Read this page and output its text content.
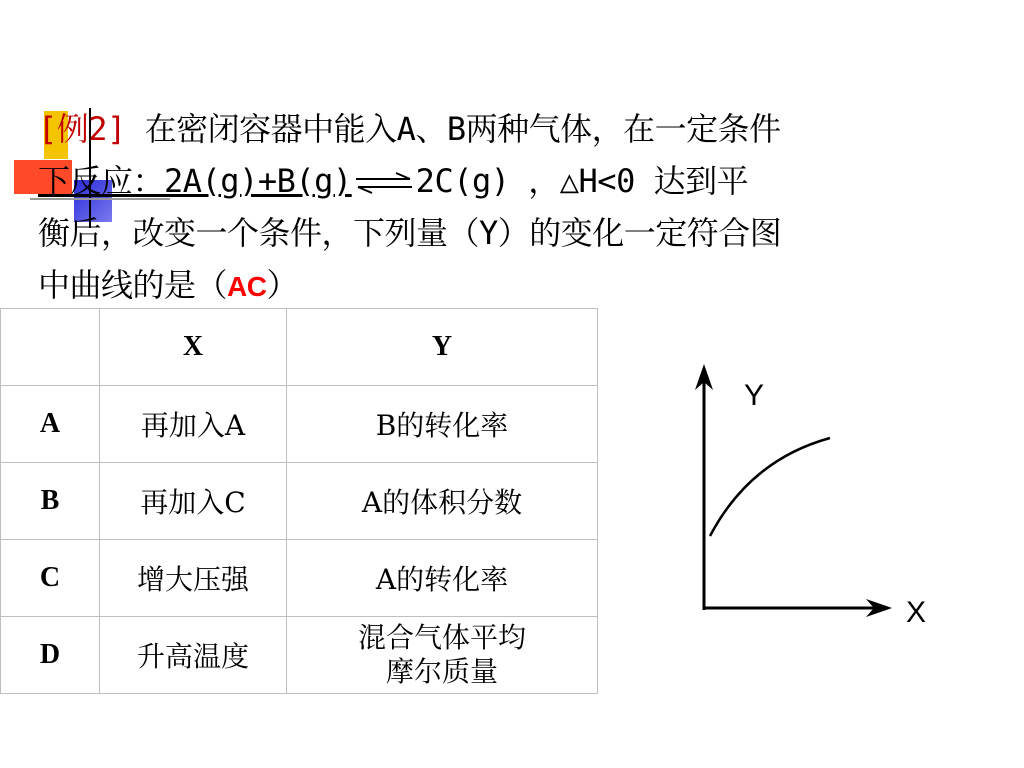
[例2] 在密闭容器中能入A、B两种气体，在一定条件
下反应：2A(g)+B(g)⇌2C(g) ，△H<0 达到平
衡后，改变一个条件，下列量（Y）的变化一定符合图
中曲线的是（AC）
	X	Y
A	再加入A	B的转化率
B	再加入C	A的体积分数
C	增大压强	A的转化率
D	升高温度	混合气体平均
摩尔质量
Y
X
